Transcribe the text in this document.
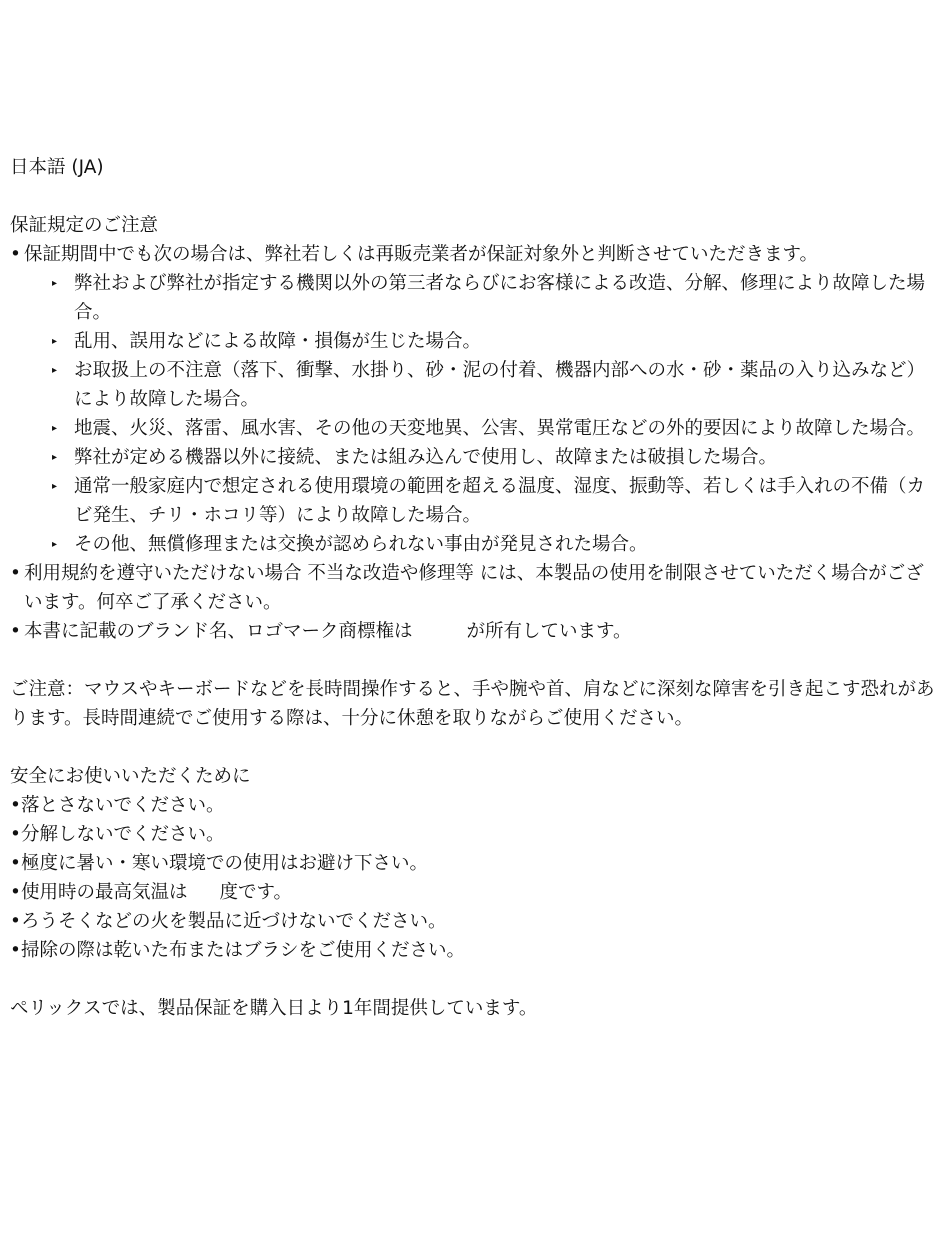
日本語 (JA)
保証規定のご注意
• 保証期間中でも次の場合は、弊社若しくは再販売業者が保証対象外と判断させていただきます。
▸ 弊社および弊社が指定する機関以外の第三者ならびにお客様による改造、分解、修理により故障した場合。
▸ 乱用、誤用などによる故障・損傷が生じた場合。
▸ お取扱上の不注意（落下、衝撃、水掛り、砂・泥の付着、機器内部への水・砂・薬品の入り込みなど）により故障した場合。
▸ 地震、火災、落雷、風水害、その他の天変地異、公害、異常電圧などの外的要因により故障した場合。
▸ 弊社が定める機器以外に接続、または組み込んで使用し、故障または破損した場合。
▸ 通常一般家庭内で想定される使用環境の範囲を超える温度、湿度、振動等、若しくは手入れの不備（カビ発生、チリ・ホコリ等）により故障した場合。
▸ その他、無償修理または交換が認められない事由が発見された場合。
• 利用規約を遵守いただけない場合 不当な改造や修理等 には、本製品の使用を制限させていただく場合がございます。何卒ご了承ください。
• 本書に記載のブランド名、ロゴマーク商標権は	が所有しています。

ご注意：マウスやキーボードなどを長時間操作すると、手や腕や首、肩などに深刻な障害を引き起こす恐れがあります。長時間連続でご使用する際は、十分に休憩を取りながらご使用ください。

安全にお使いいただくために
• 落とさないでください。
• 分解しないでください。
• 極度に暑い・寒い環境での使用はお避け下さい。
• 使用時の最高気温は 度です。
• ろうそくなどの火を製品に近づけないでください。
• 掃除の際は乾いた布またはブラシをご使用ください。

ペリックスでは、製品保証を購入日より1年間提供しています。
